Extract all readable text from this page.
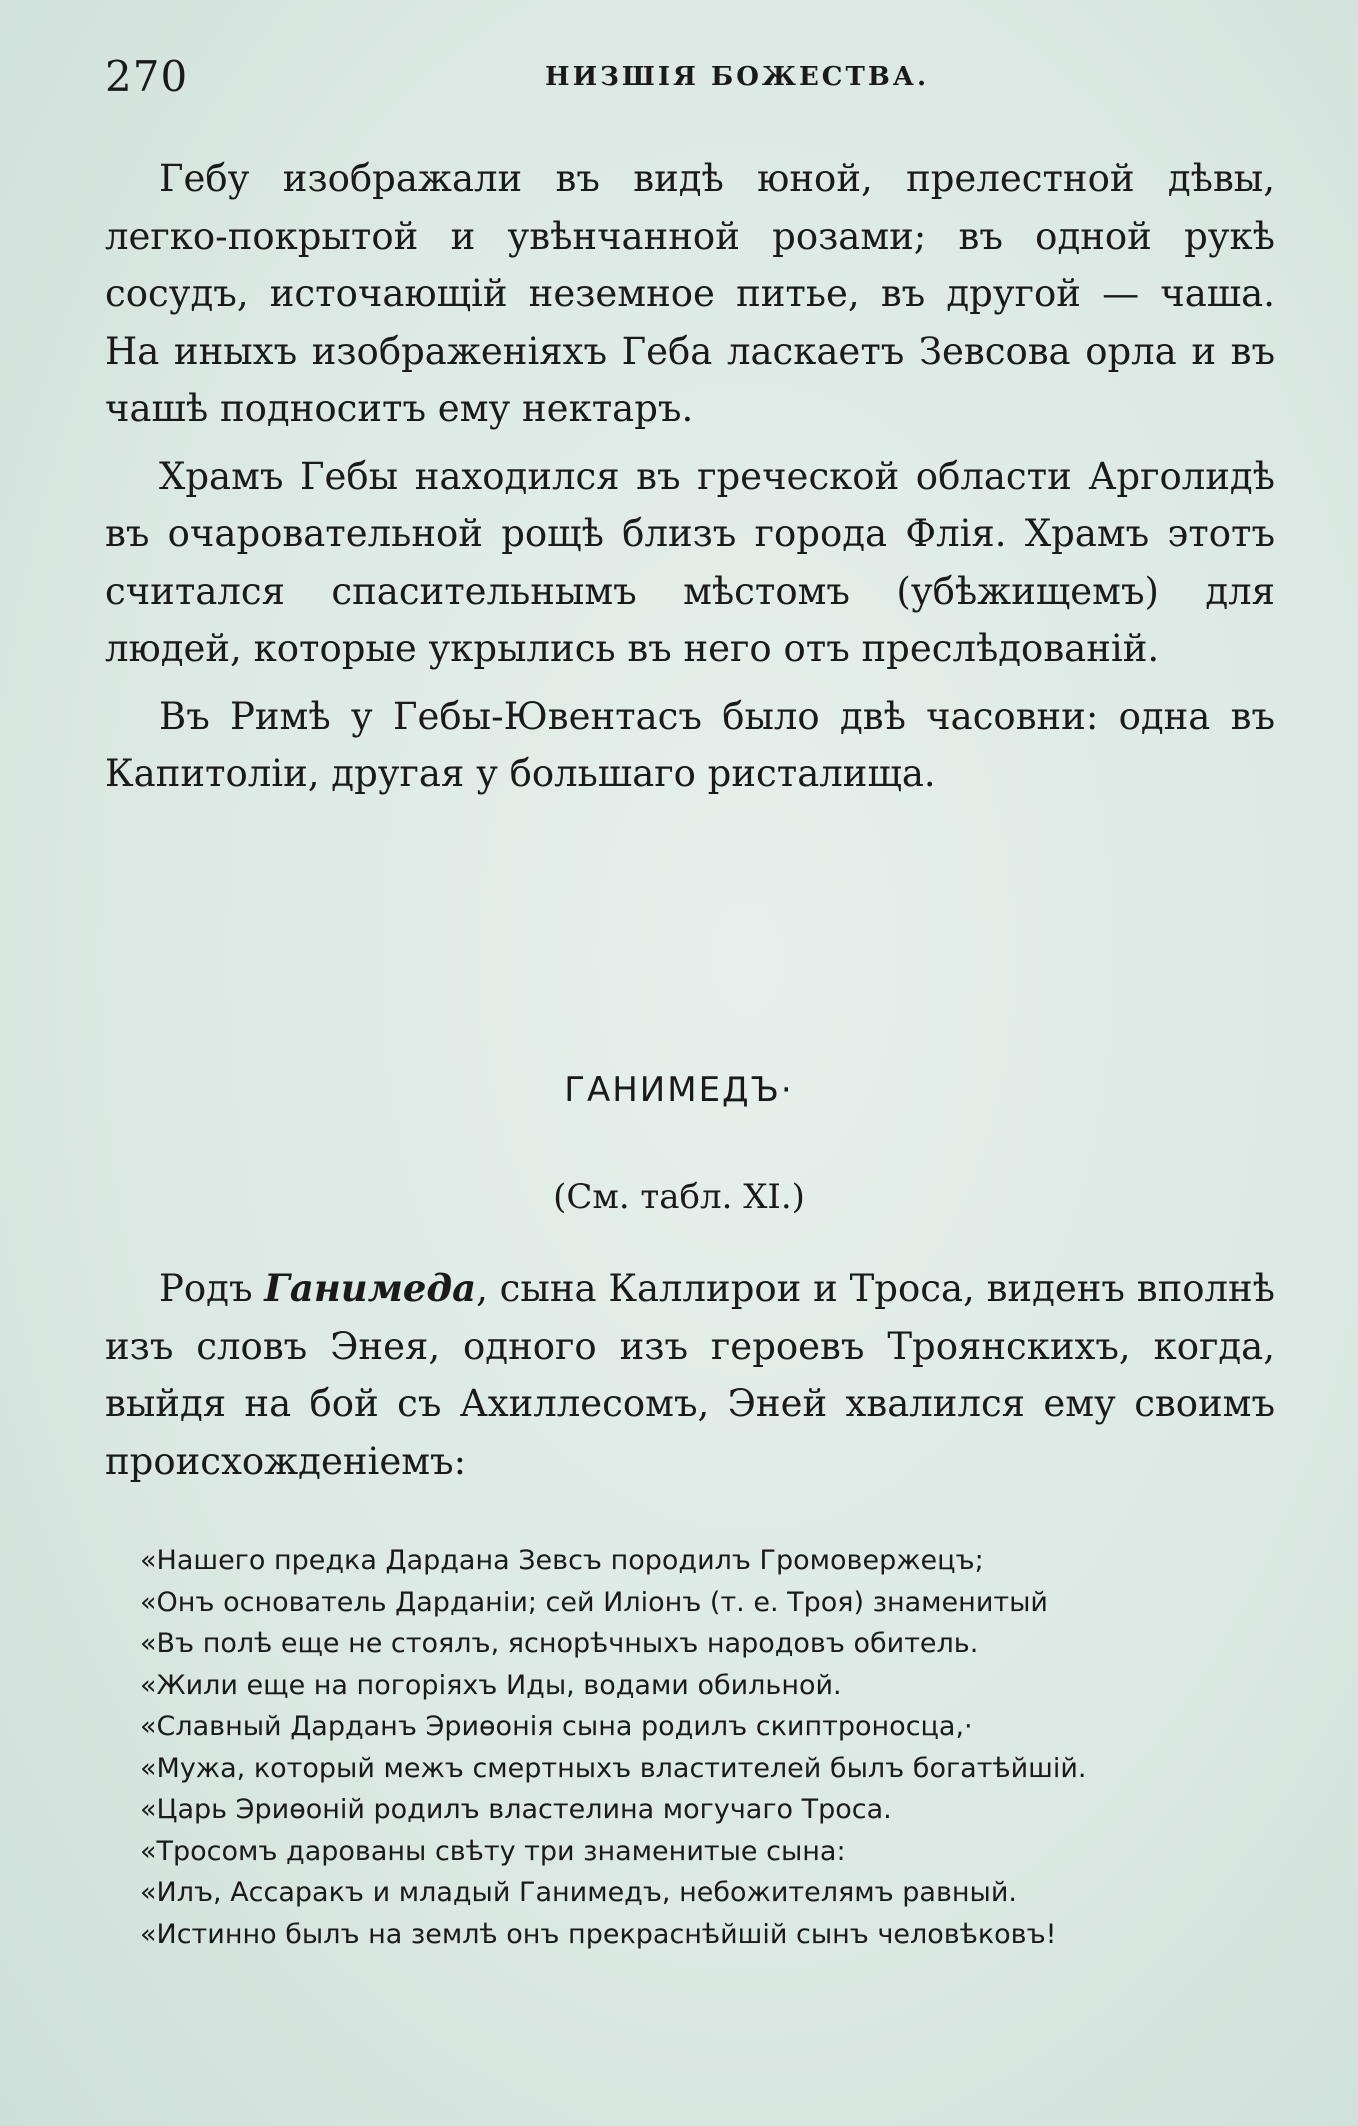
270	НИЗШІЯ БОЖЕСТВА.

Гебу изображали въ видѣ юной, прелестной дѣвы, легко-покрытой и увѣнчанной розами; въ одной рукѣ сосудъ, источающій неземное питье, въ другой — чаша. На иныхъ изображеніяхъ Геба ласкаетъ Зевсова орла и въ чашѣ подноситъ ему нектаръ.

Храмъ Гебы находился въ греческой области Арголидѣ въ очаровательной рощѣ близъ города Флія. Храмъ этотъ считался спасительнымъ мѣстомъ (убѣжищемъ) для людей, которые укрылись въ него отъ преслѣдованій.

Въ Римѣ у Гебы-Ювентасъ было двѣ часовни: одна въ Капитоліи, другая у большаго ристалища.

ГАНИМЕДЪ·
(См. табл. XI.)

Родъ Ганимеда, сына Каллирои и Троса, виденъ вполнѣ изъ словъ Энея, одного изъ героевъ Троянскихъ, когда, выйдя на бой съ Ахиллесомъ, Эней хвалился ему своимъ происхожденіемъ:

«Нашего предка Дардана Зевсъ породилъ Громовержецъ;
«Онъ основатель Дарданіи; сей Иліонъ (т. е. Троя) знаменитый
«Въ полѣ еще не стоялъ, яснорѣчныхъ народовъ обитель.
«Жили еще на погоріяхъ Иды, водами обильной.
«Славный Дарданъ Эриѳонія сына родилъ скиптроносца,·
«Мужа, который межъ смертныхъ властителей былъ богатѣйшій.
«Царь Эриѳоній родилъ властелина могучаго Троса.
«Тросомъ дарованы свѣту три знаменитые сына:
«Илъ, Ассаракъ и младый Ганимедъ, небожителямъ равный.
«Истинно былъ на землѣ онъ прекраснѣйшій сынъ человѣковъ!
